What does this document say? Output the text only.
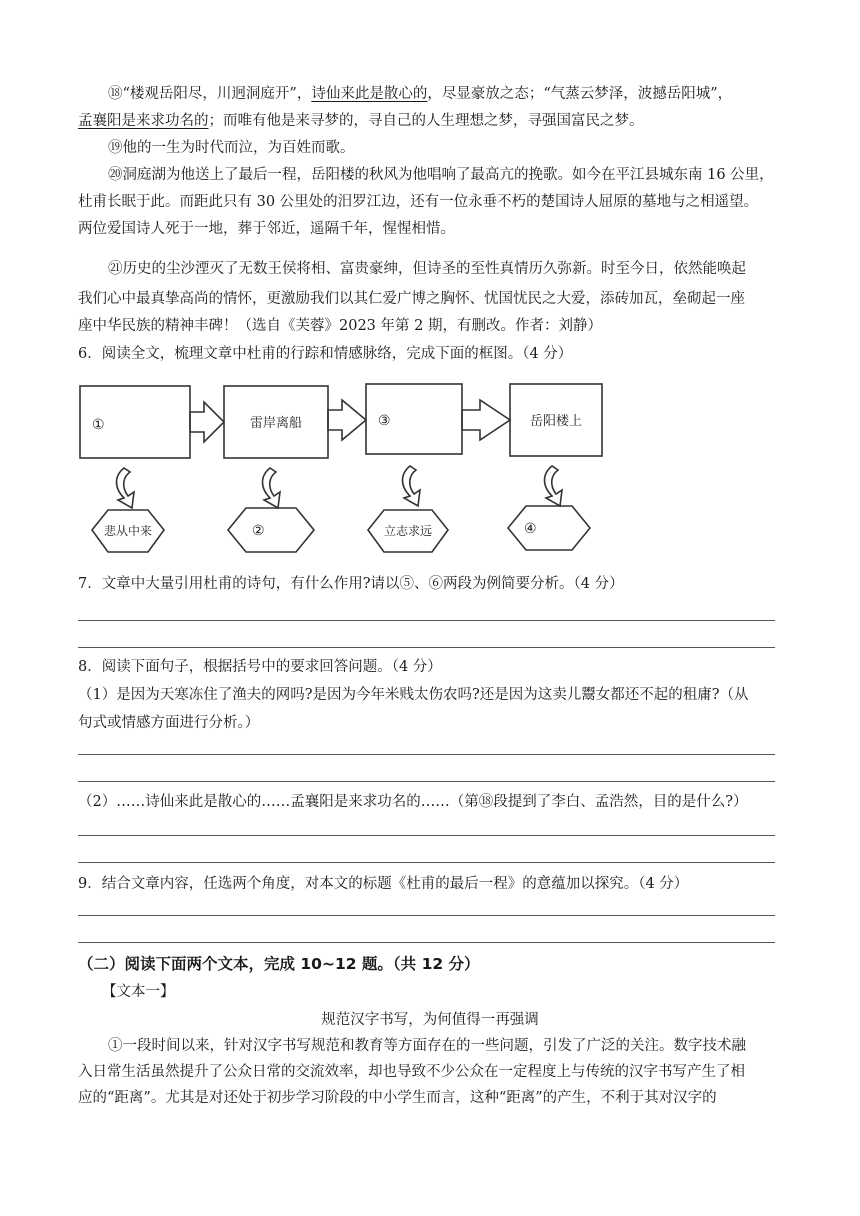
⑱“楼观岳阳尽，川迥洞庭开”，诗仙来此是散心的，尽显豪放之态；“气蒸云梦泽，波撼岳阳城”，
孟襄阳是来求功名的；而唯有他是来寻梦的，寻自己的人生理想之梦，寻强国富民之梦。
⑲他的一生为时代而泣，为百姓而歌。
⑳洞庭湖为他送上了最后一程，岳阳楼的秋风为他唱响了最高亢的挽歌。如今在平江县城东南 16 公里，
杜甫长眠于此。而距此只有 30 公里处的汨罗江边，还有一位永垂不朽的楚国诗人屈原的墓地与之相遥望。
两位爱国诗人死于一地，葬于邻近，遥隔千年，惺惺相惜。
㉑历史的尘沙湮灭了无数王侯将相、富贵豪绅，但诗圣的至性真情历久弥新。时至今日，依然能唤起
我们心中最真挚高尚的情怀，更激励我们以其仁爱广博之胸怀、忧国忧民之大爱，添砖加瓦，垒砌起一座
座中华民族的精神丰碑！（选自《芙蓉》2023 年第 2 期，有删改。作者：刘静）
6．阅读全文，梳理文章中杜甫的行踪和情感脉络，完成下面的框图。（4 分）
①	雷岸离船	③	岳阳楼上
悲从中来	②	立志求远	④
7．文章中大量引用杜甫的诗句，有什么作用?请以⑤、⑥两段为例简要分析。（4 分）
8．阅读下面句子，根据括号中的要求回答问题。（4 分）
（1）是因为天寒冻住了渔夫的网吗?是因为今年米贱太伤农吗?还是因为这卖儿鬻女都还不起的租庸?（从
句式或情感方面进行分析。）
（2）……诗仙来此是散心的……孟襄阳是来求功名的……（第⑱段提到了李白、孟浩然，目的是什么?）
9．结合文章内容，任选两个角度，对本文的标题《杜甫的最后一程》的意蕴加以探究。（4 分）
（二）阅读下面两个文本，完成 10~12 题。（共 12 分）
【文本一】
规范汉字书写，为何值得一再强调
①一段时间以来，针对汉字书写规范和教育等方面存在的一些问题，引发了广泛的关注。数字技术融
入日常生活虽然提升了公众日常的交流效率，却也导致不少公众在一定程度上与传统的汉字书写产生了相
应的“距离”。尤其是对还处于初步学习阶段的中小学生而言，这种“距离”的产生，不利于其对汉字的
